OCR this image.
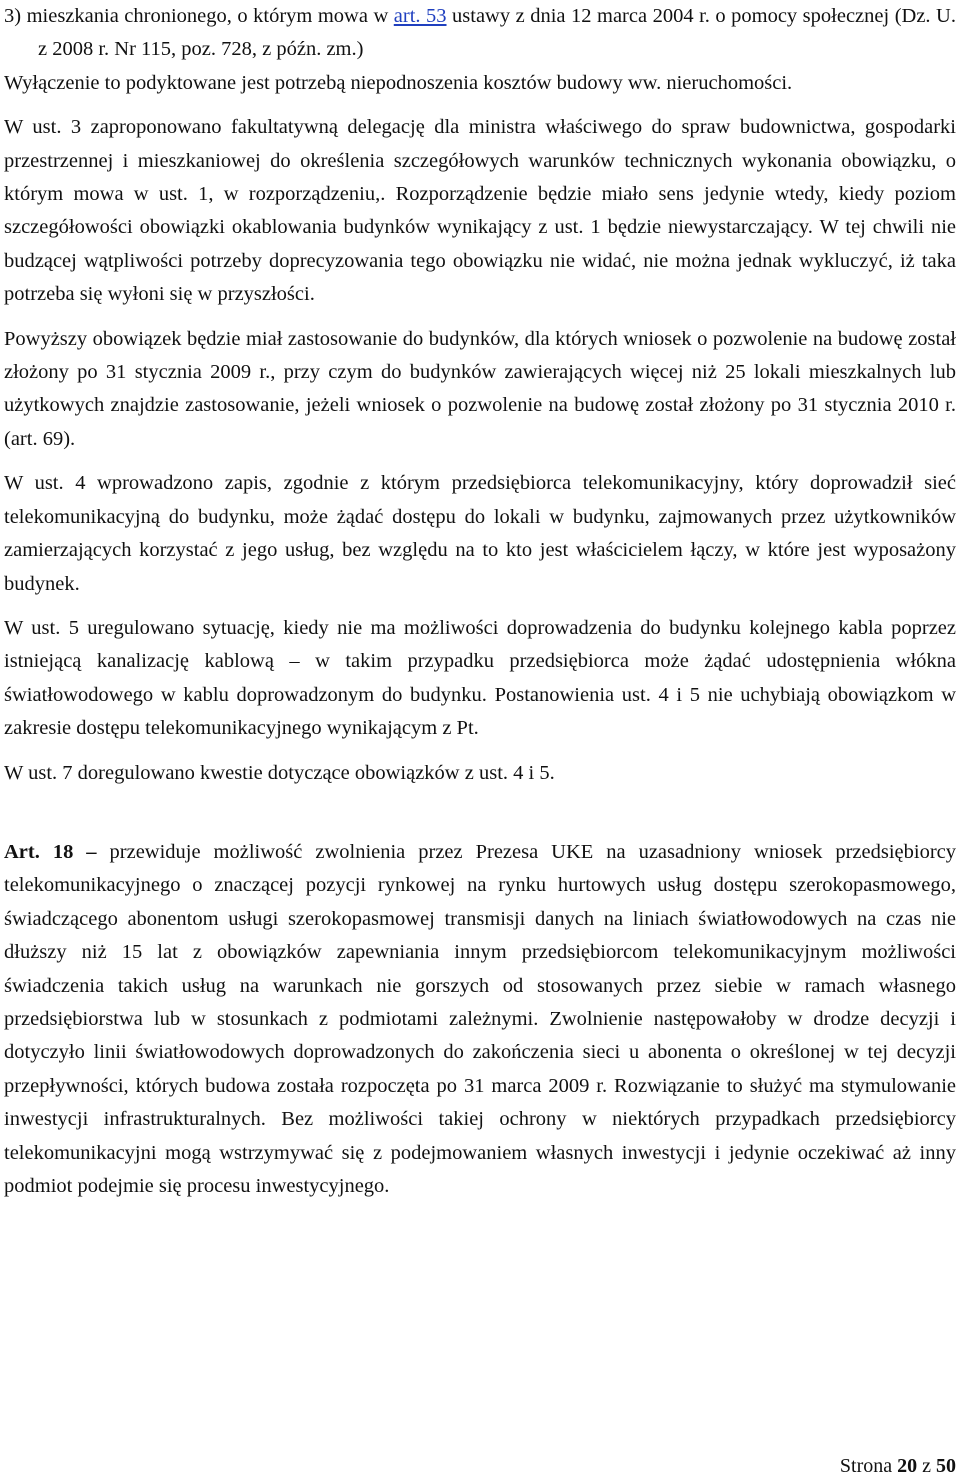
3) mieszkania chronionego, o którym mowa w art. 53 ustawy z dnia 12 marca 2004 r. o pomocy społecznej (Dz. U. z 2008 r. Nr 115, poz. 728, z późn. zm.)

Wyłączenie to podyktowane jest potrzebą niepodnoszenia kosztów budowy ww. nieruchomości.

W ust. 3 zaproponowano fakultatywną delegację dla ministra właściwego do spraw budownictwa, gospodarki przestrzennej i mieszkaniowej do określenia szczegółowych warunków technicznych wykonania obowiązku, o którym mowa w ust. 1, w rozporządzeniu,. Rozporządzenie będzie miało sens jedynie wtedy, kiedy poziom szczegółowości obowiązki okablowania budynków wynikający z ust. 1 będzie niewystarczający. W tej chwili nie budzącej wątpliwości potrzeby doprecyzowania tego obowiązku nie widać, nie można jednak wykluczyć, iż taka potrzeba się wyłoni się w przyszłości.

Powyższy obowiązek będzie miał zastosowanie do budynków, dla których wniosek o pozwolenie na budowę został złożony po 31 stycznia 2009 r., przy czym do budynków zawierających więcej niż 25 lokali mieszkalnych lub użytkowych znajdzie zastosowanie, jeżeli wniosek o pozwolenie na budowę został złożony po 31 stycznia 2010 r. (art. 69).

W ust. 4 wprowadzono zapis, zgodnie z którym przedsiębiorca telekomunikacyjny, który doprowadził sieć telekomunikacyjną do budynku, może żądać dostępu do lokali w budynku, zajmowanych przez użytkowników zamierzających korzystać z jego usług, bez względu na to kto jest właścicielem łączy, w które jest wyposażony budynek.

W ust. 5 uregulowano sytuację, kiedy nie ma możliwości doprowadzenia do budynku kolejnego kabla poprzez istniejącą kanalizację kablową – w takim przypadku przedsiębiorca może żądać udostępnienia włókna światłowodowego w kablu doprowadzonym do budynku. Postanowienia ust. 4 i 5 nie uchybiają obowiązkom w zakresie dostępu telekomunikacyjnego wynikającym z Pt.

W ust. 7 doregulowano kwestie dotyczące obowiązków z ust. 4 i 5.

Art. 18 – przewiduje możliwość zwolnienia przez Prezesa UKE na uzasadniony wniosek przedsiębiorcy telekomunikacyjnego o znaczącej pozycji rynkowej na rynku hurtowych usług dostępu szerokopasmowego, świadczącego abonentom usługi szerokopasmowej transmisji danych na liniach światłowodowych na czas nie dłuższy niż 15 lat z obowiązków zapewniania innym przedsiębiorcom telekomunikacyjnym możliwości świadczenia takich usług na warunkach nie gorszych od stosowanych przez siebie w ramach własnego przedsiębiorstwa lub w stosunkach z podmiotami zależnymi. Zwolnienie następowałoby w drodze decyzji i dotyczyło linii światłowodowych doprowadzonych do zakończenia sieci u abonenta o określonej w tej decyzji przepływności, których budowa została rozpoczęta po 31 marca 2009 r. Rozwiązanie to służyć ma stymulowanie inwestycji infrastrukturalnych. Bez możliwości takiej ochrony w niektórych przypadkach przedsiębiorcy telekomunikacyjni mogą wstrzymywać się z podejmowaniem własnych inwestycji i jedynie oczekiwać aż inny podmiot podejmie się procesu inwestycyjnego.

Strona 20 z 50
